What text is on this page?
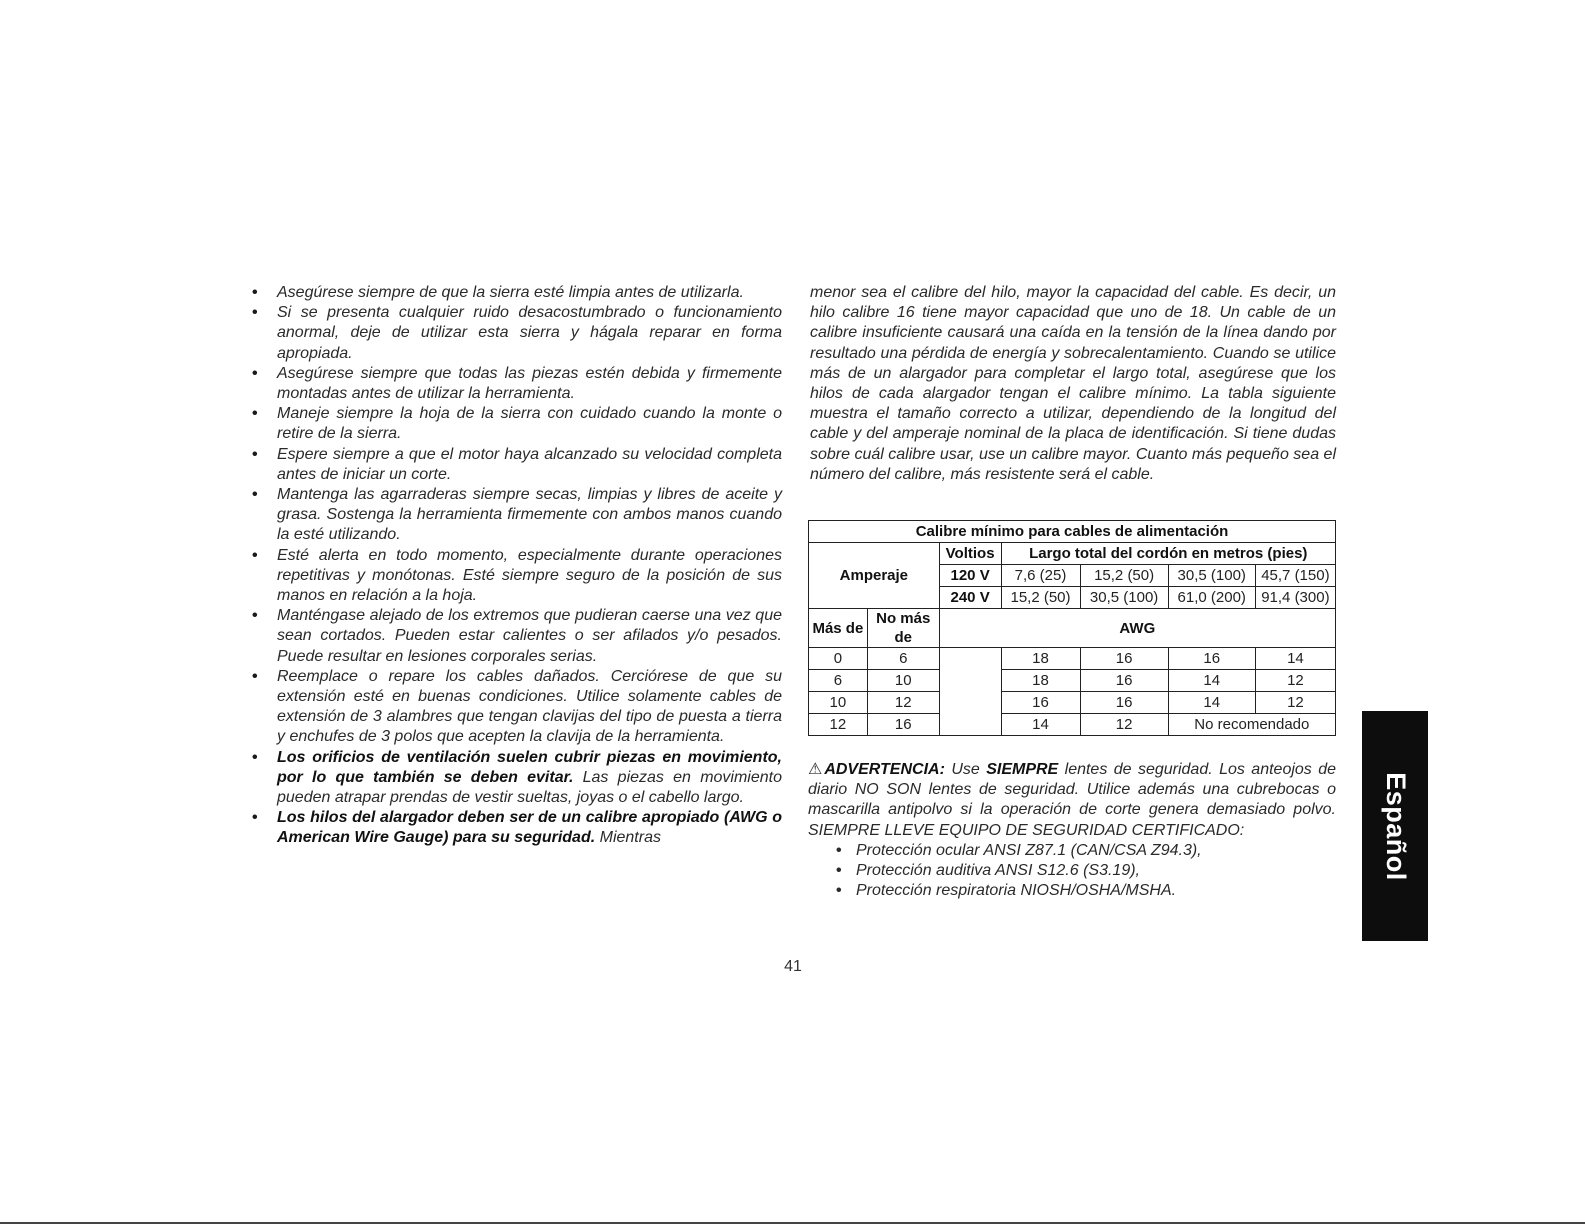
• Asegúrese siempre de que la sierra esté limpia antes de utilizarla.
• Si se presenta cualquier ruido desacostumbrado o funcionamiento anormal, deje de utilizar esta sierra y hágala reparar en forma apropiada.
• Asegúrese siempre que todas las piezas estén debida y firmemente montadas antes de utilizar la herramienta.
• Maneje siempre la hoja de la sierra con cuidado cuando la monte o retire de la sierra.
• Espere siempre a que el motor haya alcanzado su velocidad completa antes de iniciar un corte.
• Mantenga las agarraderas siempre secas, limpias y libres de aceite y grasa. Sostenga la herramienta firmemente con ambos manos cuando la esté utilizando.
• Esté alerta en todo momento, especialmente durante operaciones repetitivas y monótonas. Esté siempre seguro de la posición de sus manos en relación a la hoja.
• Manténgase alejado de los extremos que pudieran caerse una vez que sean cortados. Pueden estar calientes o ser afilados y/o pesados. Puede resultar en lesiones corporales serias.
• Reemplace o repare los cables dañados. Cerciórese de que su extensión esté en buenas condiciones. Utilice solamente cables de extensión de 3 alambres que tengan clavijas del tipo de puesta a tierra y enchufes de 3 polos que acepten la clavija de la herramienta.
• Los orificios de ventilación suelen cubrir piezas en movimiento, por lo que también se deben evitar. Las piezas en movimiento pueden atrapar prendas de vestir sueltas, joyas o el cabello largo.
• Los hilos del alargador deben ser de un calibre apropiado (AWG o American Wire Gauge) para su seguridad. Mientras

menor sea el calibre del hilo, mayor la capacidad del cable. Es decir, un hilo calibre 16 tiene mayor capacidad que uno de 18. Un cable de un calibre insuficiente causará una caída en la tensión de la línea dando por resultado una pérdida de energía y sobrecalentamiento. Cuando se utilice más de un alargador para completar el largo total, asegúrese que los hilos de cada alargador tengan el calibre mínimo. La tabla siguiente muestra el tamaño correcto a utilizar, dependiendo de la longitud del cable y del amperaje nominal de la placa de identificación. Si tiene dudas sobre cuál calibre usar, use un calibre mayor. Cuanto más pequeño sea el número del calibre, más resistente será el cable.

Calibre mínimo para cables de alimentación						
Amperaje		Voltios	Largo total del cordón en metros (pies)			
		120 V	7,6 (25)	15,2 (50)	30,5 (100)	45,7 (150)
		240 V	15,2 (50)	30,5 (100)	61,0 (200)	91,4 (300)
Más de	No más de	AWG				
0	6		18	16	16	14
6	10		18	16	14	12
10	12		16	16	14	12
12	16		14	12	No recomendado	
⚠ADVERTENCIA: Use SIEMPRE lentes de seguridad. Los anteojos de diario NO SON lentes de seguridad. Utilice además una cubrebocas o mascarilla antipolvo si la operación de corte genera demasiado polvo. SIEMPRE LLEVE EQUIPO DE SEGURIDAD CERTIFICADO:
• Protección ocular ANSI Z87.1 (CAN/CSA Z94.3),
• Protección auditiva ANSI S12.6 (S3.19),
• Protección respiratoria NIOSH/OSHA/MSHA.
41
Español
